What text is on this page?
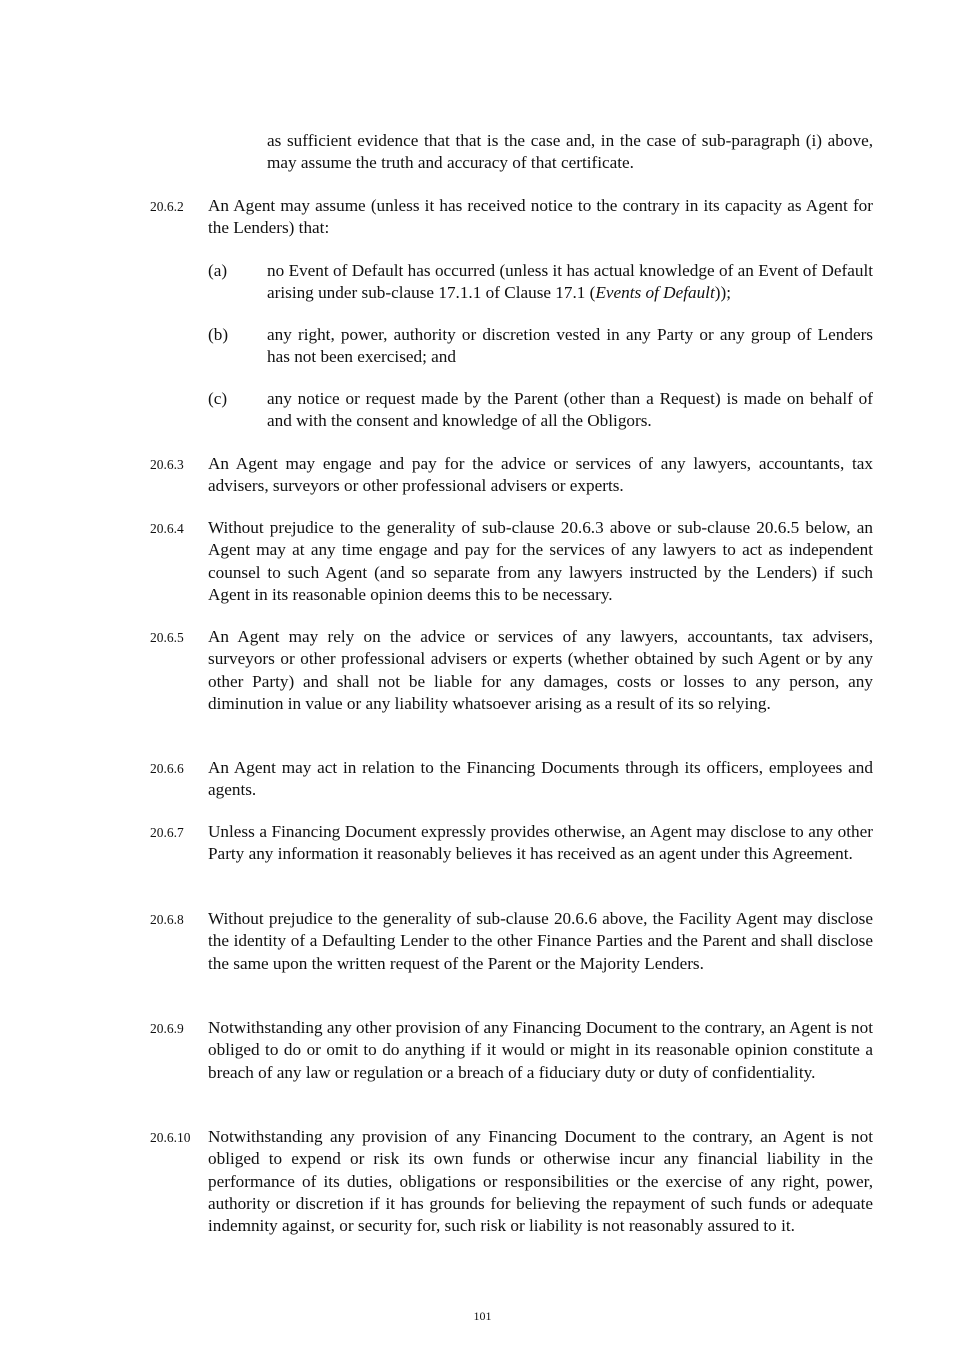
as sufficient evidence that that is the case and, in the case of sub-paragraph (i) above, may assume the truth and accuracy of that certificate.

20.6.2 An Agent may assume (unless it has received notice to the contrary in its capacity as Agent for the Lenders) that:

(a) no Event of Default has occurred (unless it has actual knowledge of an Event of Default arising under sub-clause 17.1.1 of Clause 17.1 (Events of Default));

(b) any right, power, authority or discretion vested in any Party or any group of Lenders has not been exercised; and

(c) any notice or request made by the Parent (other than a Request) is made on behalf of and with the consent and knowledge of all the Obligors.

20.6.3 An Agent may engage and pay for the advice or services of any lawyers, accountants, tax advisers, surveyors or other professional advisers or experts.

20.6.4 Without prejudice to the generality of sub-clause 20.6.3 above or sub-clause 20.6.5 below, an Agent may at any time engage and pay for the services of any lawyers to act as independent counsel to such Agent (and so separate from any lawyers instructed by the Lenders) if such Agent in its reasonable opinion deems this to be necessary.

20.6.5 An Agent may rely on the advice or services of any lawyers, accountants, tax advisers, surveyors or other professional advisers or experts (whether obtained by such Agent or by any other Party) and shall not be liable for any damages, costs or losses to any person, any diminution in value or any liability whatsoever arising as a result of its so relying.

20.6.6 An Agent may act in relation to the Financing Documents through its officers, employees and agents.

20.6.7 Unless a Financing Document expressly provides otherwise, an Agent may disclose to any other Party any information it reasonably believes it has received as an agent under this Agreement.

20.6.8 Without prejudice to the generality of sub-clause 20.6.6 above, the Facility Agent may disclose the identity of a Defaulting Lender to the other Finance Parties and the Parent and shall disclose the same upon the written request of the Parent or the Majority Lenders.

20.6.9 Notwithstanding any other provision of any Financing Document to the contrary, an Agent is not obliged to do or omit to do anything if it would or might in its reasonable opinion constitute a breach of any law or regulation or a breach of a fiduciary duty or duty of confidentiality.

20.6.10 Notwithstanding any provision of any Financing Document to the contrary, an Agent is not obliged to expend or risk its own funds or otherwise incur any financial liability in the performance of its duties, obligations or responsibilities or the exercise of any right, power, authority or discretion if it has grounds for believing the repayment of such funds or adequate indemnity against, or security for, such risk or liability is not reasonably assured to it.

101
